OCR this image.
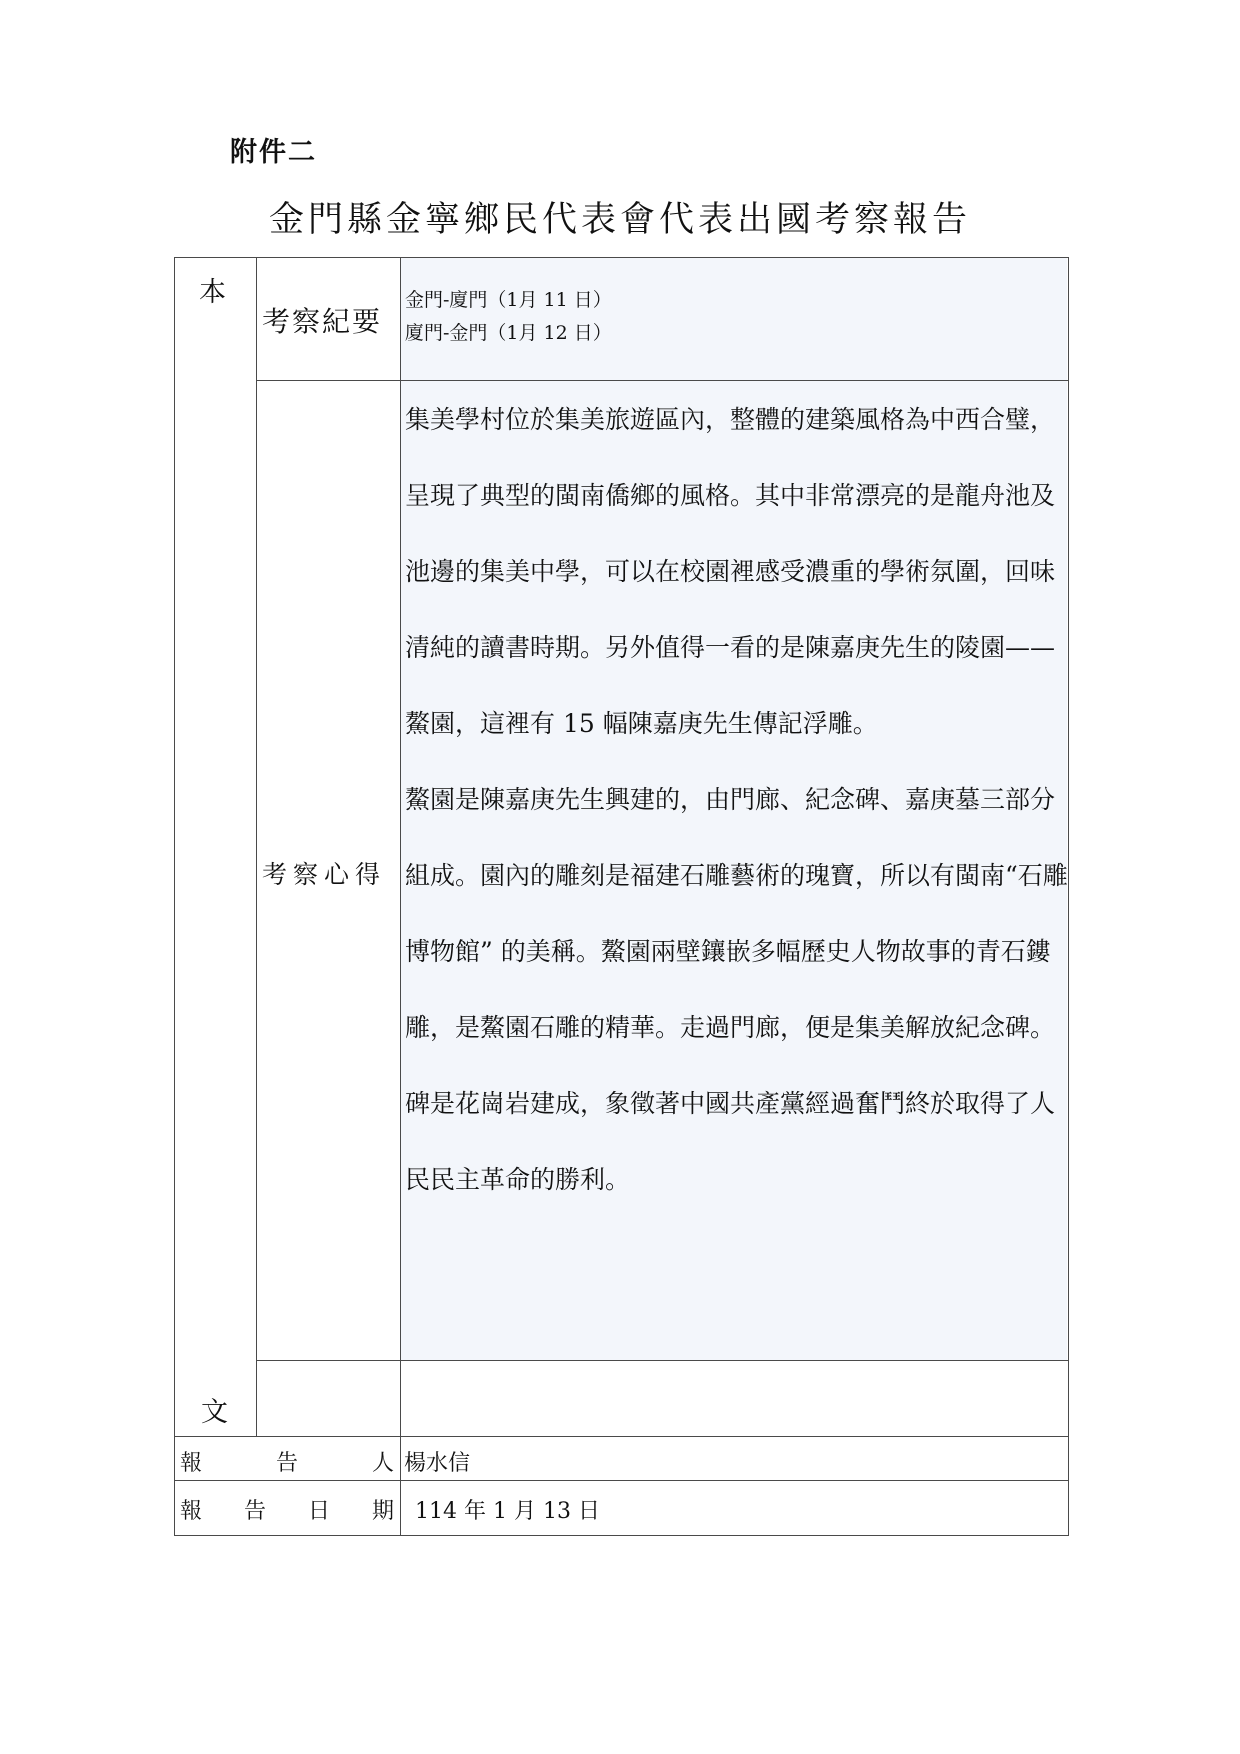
附件二
金門縣金寧鄉民代表會代表出國考察報告
本
文
考察紀要
金門-廈門（1月 11 日）
廈門-金門（1月 12 日）
考察心得

集美學村位於集美旅遊區內，整體的建築風格為中西合璧，呈現了典型的閩南僑鄉的風格。其中非常漂亮的是龍舟池及池邊的集美中學，可以在校園裡感受濃重的學術氛圍，回味清純的讀書時期。另外值得一看的是陳嘉庚先生的陵園——鰲園，這裡有 15 幅陳嘉庚先生傳記浮雕。

鰲園是陳嘉庚先生興建的，由門廊、紀念碑、嘉庚墓三部分組成。園內的雕刻是福建石雕藝術的瑰寶，所以有閩南“石雕博物館” 的美稱。鰲園兩壁鑲嵌多幅歷史人物故事的青石鏤雕，是鰲園石雕的精華。走過門廊，便是集美解放紀念碑。碑是花崗岩建成，象徵著中國共產黨經過奮鬥終於取得了人民民主革命的勝利。

報	告	人 楊水信
報 告 日 期 114 年 1 月 13 日
